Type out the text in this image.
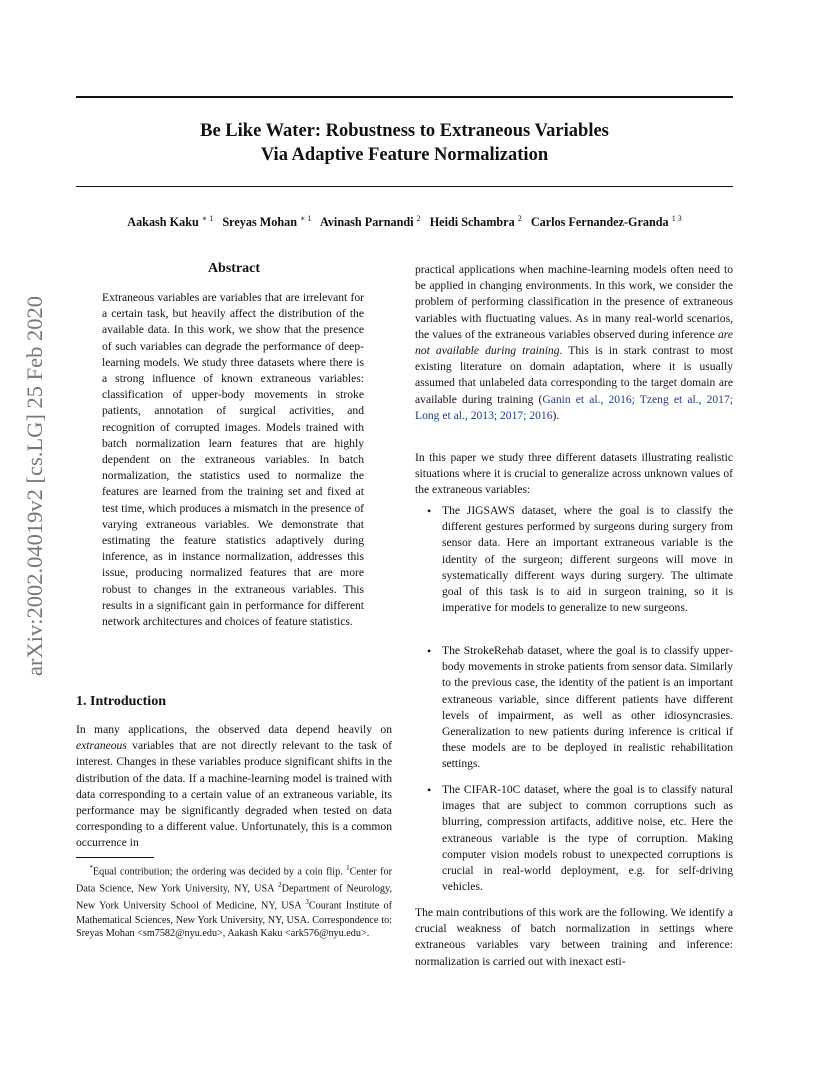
arXiv:2002.04019v2 [cs.LG] 25 Feb 2020
Be Like Water: Robustness to Extraneous Variables
Via Adaptive Feature Normalization
Aakash Kaku $^{∗ 1}$ Sreyas Mohan $^{∗ 1}$ Avinash Parnandi $^2$ Heidi Schambra $^2$ Carlos Fernandez-Granda $^{1 3}$
Abstract

Extraneous variables are variables that are irrelevant for a certain task, but heavily affect the distribution of the available data. In this work, we show that the presence of such variables can degrade the performance of deep-learning models. We study three datasets where there is a strong influence of known extraneous variables: classification of upper-body movements in stroke patients, annotation of surgical activities, and recognition of corrupted images. Models trained with batch normalization learn features that are highly dependent on the extraneous variables. In batch normalization, the statistics used to normalize the features are learned from the training set and fixed at test time, which produces a mismatch in the presence of varying extraneous variables. We demonstrate that estimating the feature statistics adaptively during inference, as in instance normalization, addresses this issue, producing normalized features that are more robust to changes in the extraneous variables. This results in a significant gain in performance for different network architectures and choices of feature statistics.

1. Introduction

In many applications, the observed data depend heavily on extraneous variables that are not directly relevant to the task of interest. Changes in these variables produce significant shifts in the distribution of the data. If a machine-learning model is trained with data corresponding to a certain value of an extraneous variable, its performance may be significantly degraded when tested on data corresponding to a different value. Unfortunately, this is a common occurrence in

*Equal contribution; the ordering was decided by a coin flip. $^1$Center for Data Science, New York University, NY, USA $^2$Department of Neurology, New York University School of Medicine, NY, USA $^3$Courant Institute of Mathematical Sciences, New York University, NY, USA. Correspondence to: Sreyas Mohan <sm7582@nyu.edu>, Aakash Kaku <ark576@nyu.edu>.

practical applications when machine-learning models often need to be applied in changing environments. In this work, we consider the problem of performing classification in the presence of extraneous variables with fluctuating values. As in many real-world scenarios, the values of the extraneous variables observed during inference are not available during training. This is in stark contrast to most existing literature on domain adaptation, where it is usually assumed that unlabeled data corresponding to the target domain are available during training (Ganin et al., 2016; Tzeng et al., 2017; Long et al., 2013; 2017; 2016).

In this paper we study three different datasets illustrating realistic situations where it is crucial to generalize across unknown values of the extraneous variables:

• The JIGSAWS dataset, where the goal is to classify the different gestures performed by surgeons during surgery from sensor data. Here an important extraneous variable is the identity of the surgeon; different surgeons will move in systematically different ways during surgery. The ultimate goal of this task is to aid in surgeon training, so it is imperative for models to generalize to new surgeons.
• The StrokeRehab dataset, where the goal is to classify upper-body movements in stroke patients from sensor data. Similarly to the previous case, the identity of the patient is an important extraneous variable, since different patients have different levels of impairment, as well as other idiosyncrasies. Generalization to new patients during inference is critical if these models are to be deployed in realistic rehabilitation settings.
• The CIFAR-10C dataset, where the goal is to classify natural images that are subject to common corruptions such as blurring, compression artifacts, additive noise, etc. Here the extraneous variable is the type of corruption. Making computer vision models robust to unexpected corruptions is crucial in real-world deployment, e.g. for self-driving vehicles.

The main contributions of this work are the following. We identify a crucial weakness of batch normalization in settings where extraneous variables vary between training and inference: normalization is carried out with inexact esti-
